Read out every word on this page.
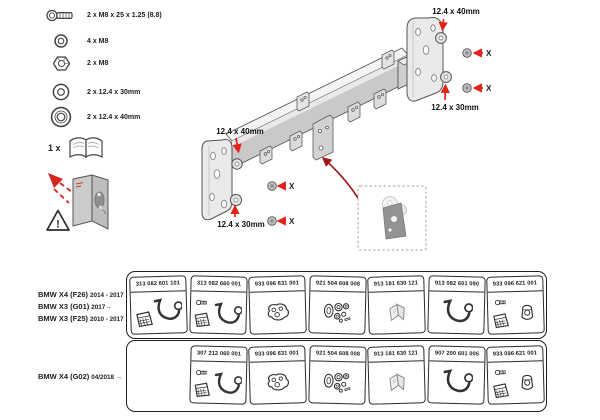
2 x M8 x 25 x 1.25 (8.8)
4 x M8
2 x M8
2 x 12.4 x 30mm
2 x 12.4 x 40mm
1 x
!
12.4 x 40mm
12.4 x 30mm
12.4 x 40mm
12.4 x 30mm
X
X
X
X
BMW X4 (F26) 2014 - 2017
BMW X3 (G01) 2017→
BMW X3 (F25) 2010 - 2017
BMW X4 (G02) 04/2018 →
313 082 601 101	313 082 660 001	933 096 631 001	921 504 608 008	913 181 630 121	913 082 601 090	933 096 621 001
307 212 060 001	933 096 631 001	921 504 608 008	913 181 630 121	907 200 601 005	933 096 621 001
